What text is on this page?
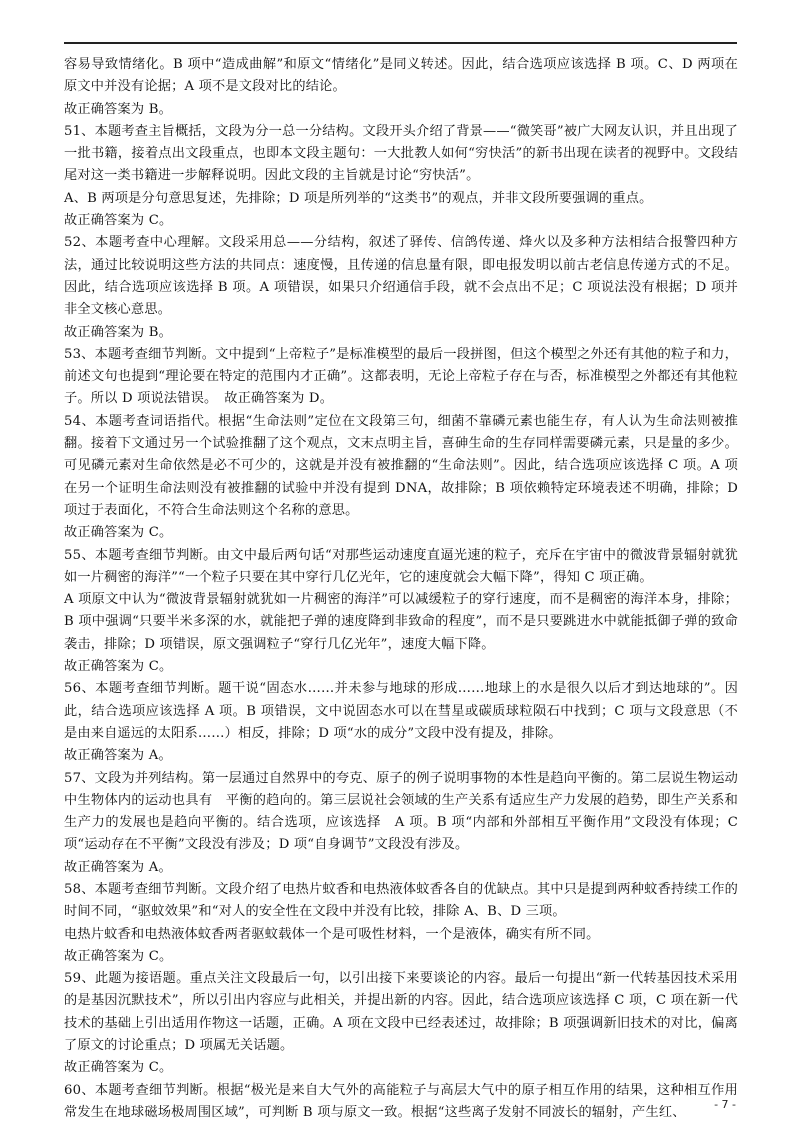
容易导致情绪化。B 项中“造成曲解”和原文“情绪化”是同义转述。因此，结合选项应该选择 B 项。C、D 两项在原文中并没有论据；A 项不是文段对比的结论。

故正确答案为 B。

51、本题考查主旨概括，文段为分一总一分结构。文段开头介绍了背景——“微笑哥”被广大网友认识，并且出现了一批书籍，接着点出文段重点，也即本文段主题句：一大批教人如何“穷快活”的新书出现在读者的视野中。文段结尾对这一类书籍进一步解释说明。因此文段的主旨就是讨论“穷快活”。

A、B 两项是分句意思复述，先排除；D 项是所列举的“这类书”的观点，并非文段所要强调的重点。

故正确答案为 C。

52、本题考查中心理解。文段采用总——分结构，叙述了驿传、信鸽传递、烽火以及多种方法相结合报警四种方法，通过比较说明这些方法的共同点：速度慢，且传递的信息量有限，即电报发明以前古老信息传递方式的不足。因此，结合选项应该选择 B 项。A 项错误，如果只介绍通信手段，就不会点出不足；C 项说法没有根据；D 项并非全文核心意思。

故正确答案为 B。

53、本题考查细节判断。文中提到“上帝粒子”是标准模型的最后一段拼图，但这个模型之外还有其他的粒子和力，前述文句也提到“理论要在特定的范围内才正确”。这都表明，无论上帝粒子存在与否，标准模型之外都还有其他粒子。所以 D 项说法错误。　故正确答案为 D。

54、本题考查词语指代。根据“生命法则”定位在文段第三句，细菌不靠磷元素也能生存，有人认为生命法则被推翻。接着下文通过另一个试验推翻了这个观点，文末点明主旨，喜砷生命的生存同样需要磷元素，只是量的多少。可见磷元素对生命依然是必不可少的，这就是并没有被推翻的“生命法则”。因此，结合选项应该选择 C 项。A 项在另一个证明生命法则没有被推翻的试验中并没有提到 DNA，故排除；B 项依赖特定环境表述不明确，排除；D 项过于表面化，不符合生命法则这个名称的意思。

故正确答案为 C。

55、本题考查细节判断。由文中最后两句话“对那些运动速度直逼光速的粒子，充斥在宇宙中的微波背景辐射就犹如一片稠密的海洋”“一个粒子只要在其中穿行几亿光年，它的速度就会大幅下降”，得知 C 项正确。

A 项原文中认为“微波背景辐射就犹如一片稠密的海洋”可以减缓粒子的穿行速度，而不是稠密的海洋本身，排除；B 项中强调“只要半米多深的水，就能把子弹的速度降到非致命的程度”，而不是只要跳进水中就能抵御子弹的致命袭击，排除；D 项错误，原文强调粒子“穿行几亿光年”，速度大幅下降。

故正确答案为 C。

56、本题考查细节判断。题干说“固态水……并未参与地球的形成……地球上的水是很久以后才到达地球的”。因此，结合选项应该选择 A 项。B 项错误，文中说固态水可以在彗星或碳质球粒陨石中找到；C 项与文段意思（不是由来自遥远的太阳系……）相反，排除；D 项“水的成分”文段中没有提及，排除。

故正确答案为 A。

57、文段为并列结构。第一层通过自然界中的夸克、原子的例子说明事物的本性是趋向平衡的。第二层说生物运动中生物体内的运动也具有　平衡的趋向的。第三层说社会领域的生产关系有适应生产力发展的趋势，即生产关系和生产力的发展也是趋向平衡的。结合选项，应该选择　A 项。B 项“内部和外部相互平衡作用”文段没有体现；C 项“运动存在不平衡”文段没有涉及；D 项“自身调节”文段没有涉及。

故正确答案为 A。

58、本题考查细节判断。文段介绍了电热片蚊香和电热液体蚊香各自的优缺点。其中只是提到两种蚊香持续工作的时间不同，“驱蚊效果”和“对人的安全性在文段中并没有比较，排除 A、B、D 三项。

电热片蚊香和电热液体蚊香两者驱蚊载体一个是可吸性材料，一个是液体，确实有所不同。

故正确答案为 C。

59、此题为接语题。重点关注文段最后一句，以引出接下来要谈论的内容。最后一句提出“新一代转基因技术采用的是基因沉默技术”，所以引出内容应与此相关，并提出新的内容。因此，结合选项应该选择 C 项，C 项在新一代技术的基础上引出适用作物这一话题，正确。A 项在文段中已经表述过，故排除；B 项强调新旧技术的对比，偏离了原文的讨论重点；D 项属无关话题。

故正确答案为 C。

60、本题考查细节判断。根据“极光是来自大气外的高能粒子与高层大气中的原子相互作用的结果，这种相互作用常发生在地球磁场极周围区域”，可判断 B 项与原文一致。根据“这些离子发射不同波长的辐射，产生红、

- 7 -
